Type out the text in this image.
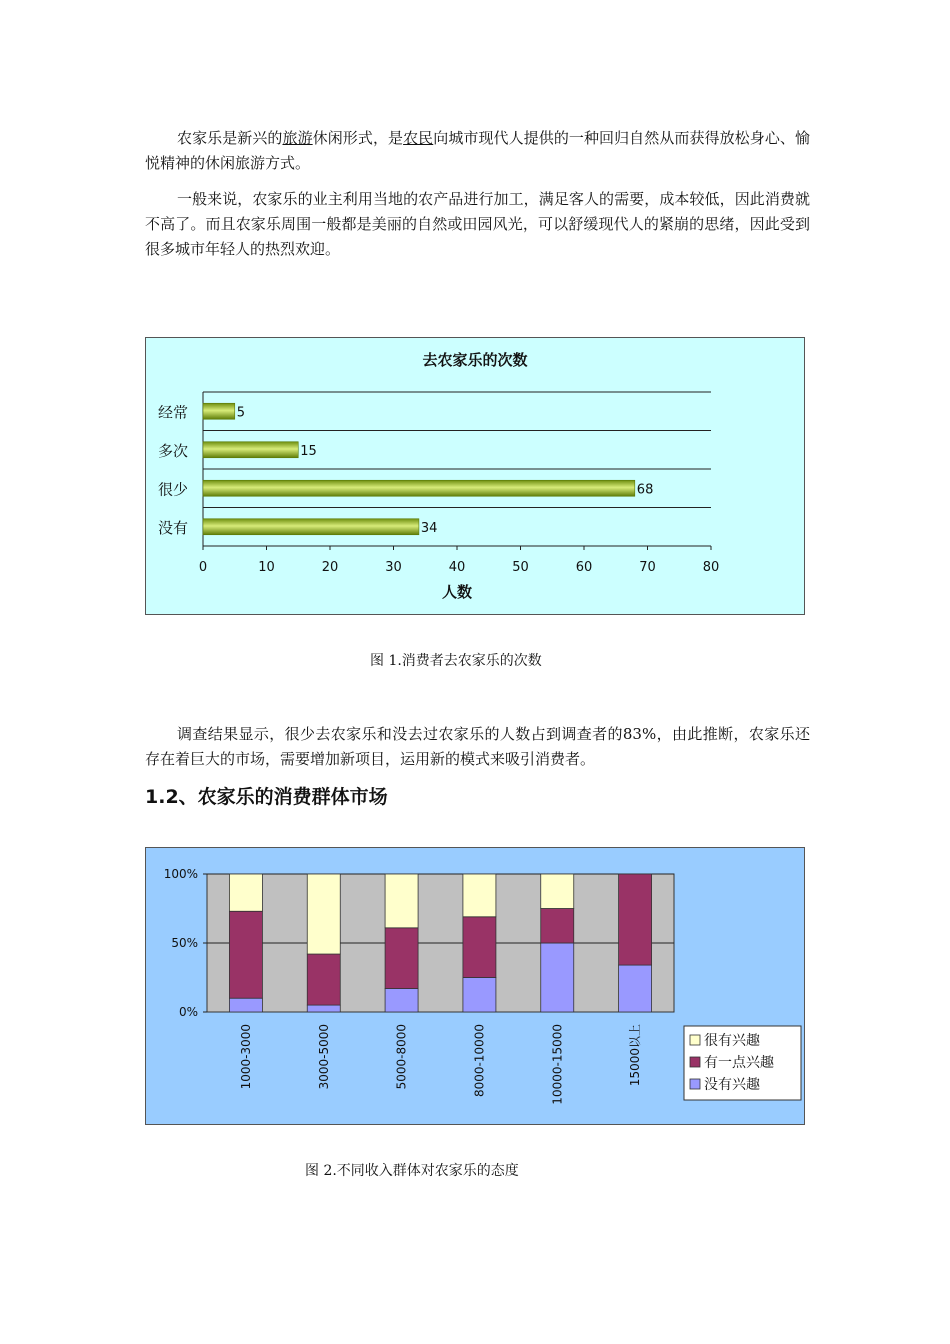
农家乐是新兴的旅游休闲形式，是农民向城市现代人提供的一种回归自然从而获得放松身心、愉悦精神的休闲旅游方式。

一般来说，农家乐的业主利用当地的农产品进行加工，满足客人的需要，成本较低，因此消费就不高了。而且农家乐周围一般都是美丽的自然或田园风光，可以舒缓现代人的紧崩的思绪，因此受到很多城市年轻人的热烈欢迎。

去农家乐的次数
0	10	20	30	40	50	60	70	80
人数
经常	5
多次	15
很少	68
没有	34
图 1.消费者去农家乐的次数

调查结果显示，很少去农家乐和没去过农家乐的人数占到调查者的83%，由此推断，农家乐还存在着巨大的市场，需要增加新项目，运用新的模式来吸引消费者。

1.2、农家乐的消费群体市场
0%
50%
100%
1000-3000	3000-5000	5000-8000	8000-10000	10000-15000	15000以上	很有兴趣
有一点兴趣
没有兴趣
图 2.不同收入群体对农家乐的态度
